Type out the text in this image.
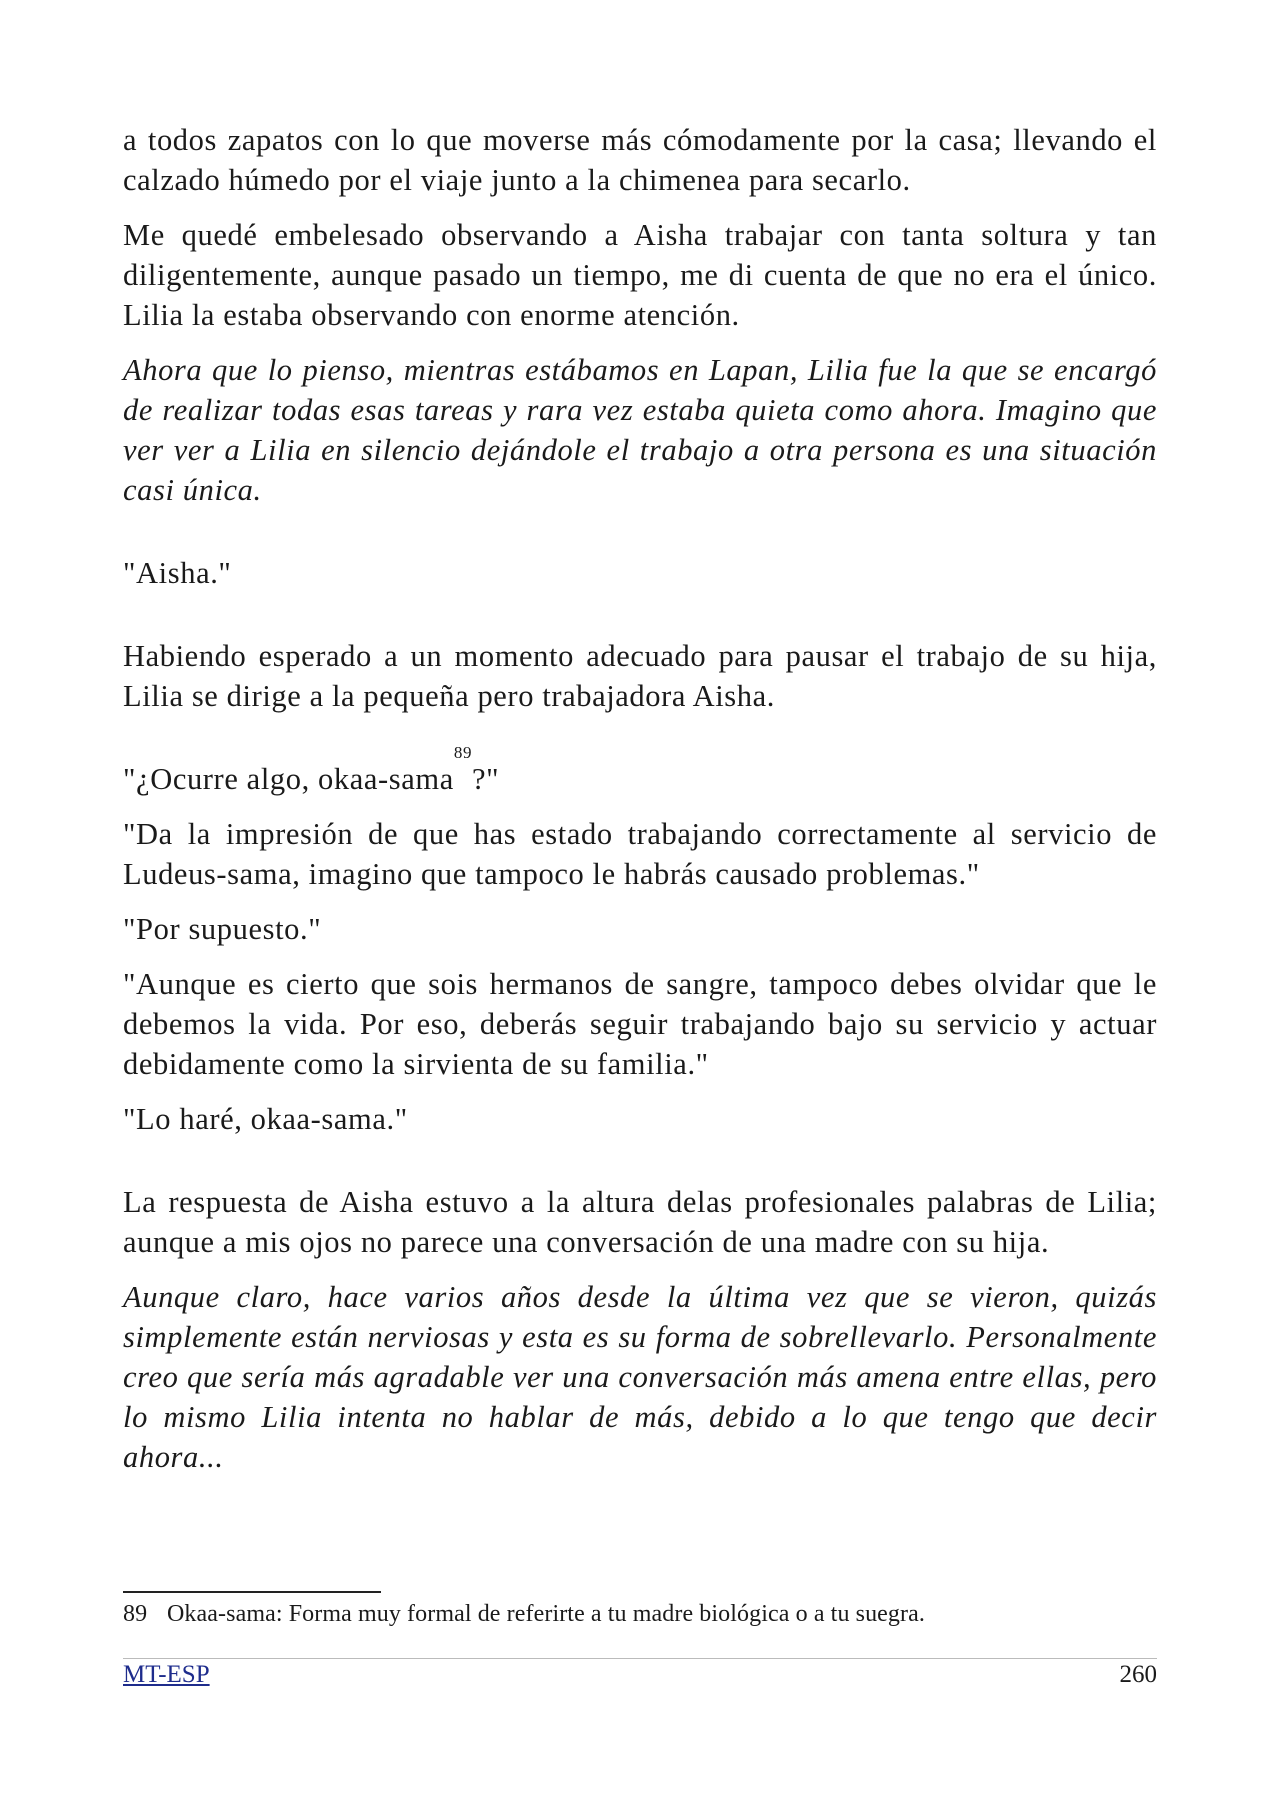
a todos zapatos con lo que moverse más cómodamente por la casa; llevando el calzado húmedo por el viaje junto a la chimenea para secarlo.

Me quedé embelesado observando a Aisha trabajar con tanta soltura y tan diligentemente, aunque pasado un tiempo, me di cuenta de que no era el único. Lilia la estaba observando con enorme atención.

Ahora que lo pienso, mientras estábamos en Lapan, Lilia fue la que se encargó de realizar todas esas tareas y rara vez estaba quieta como ahora. Imagino que ver ver a Lilia en silencio dejándole el trabajo a otra persona es una situación casi única.

"Aisha."

Habiendo esperado a un momento adecuado para pausar el trabajo de su hija, Lilia se dirige a la pequeña pero trabajadora Aisha.

"¿Ocurre algo, okaa-sama$^{89}$?"

"Da la impresión de que has estado trabajando correctamente al servicio de Ludeus-sama, imagino que tampoco le habrás causado problemas."

"Por supuesto."

"Aunque es cierto que sois hermanos de sangre, tampoco debes olvidar que le debemos la vida. Por eso, deberás seguir trabajando bajo su servicio y actuar debidamente como la sirvienta de su familia."

"Lo haré, okaa-sama."

La respuesta de Aisha estuvo a la altura delas profesionales palabras de Lilia; aunque a mis ojos no parece una conversación de una madre con su hija.

Aunque claro, hace varios años desde la última vez que se vieron, quizás simplemente están nerviosas y esta es su forma de sobrellevarlo. Personalmente creo que sería más agradable ver una conversación más amena entre ellas, pero lo mismo Lilia intenta no hablar de más, debido a lo que tengo que decir ahora...

89 Okaa-sama: Forma muy formal de referirte a tu madre biológica o a tu suegra.
MT-ESP	260
